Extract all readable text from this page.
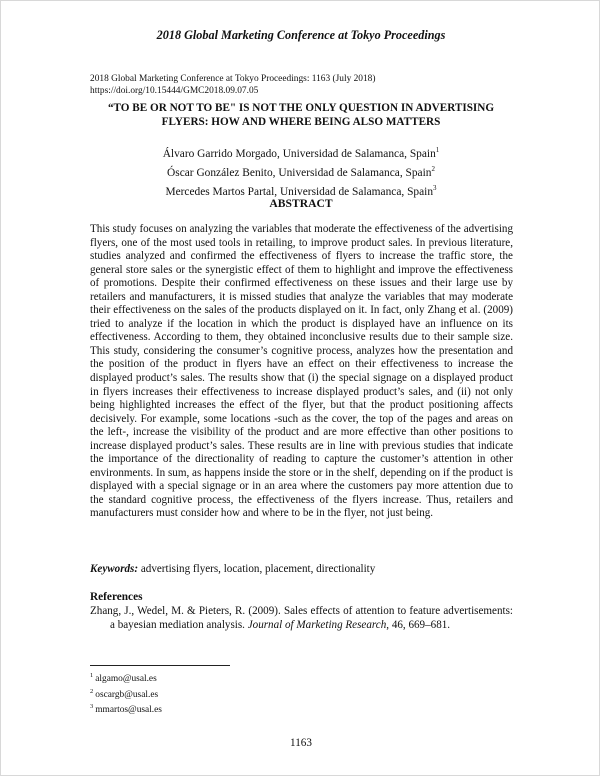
2018 Global Marketing Conference at Tokyo Proceedings
2018 Global Marketing Conference at Tokyo Proceedings: 1163 (July 2018)
https://doi.org/10.15444/GMC2018.09.07.05
“TO BE OR NOT TO BE" IS NOT THE ONLY QUESTION IN ADVERTISING
FLYERS: HOW AND WHERE BEING ALSO MATTERS
Álvaro Garrido Morgado, Universidad de Salamanca, Spain$^1$
Óscar González Benito, Universidad de Salamanca, Spain$^2$
Mercedes Martos Partal, Universidad de Salamanca, Spain$^3$
ABSTRACT

This study focuses on analyzing the variables that moderate the effectiveness of the advertising flyers, one of the most used tools in retailing, to improve product sales. In previous literature, studies analyzed and confirmed the effectiveness of flyers to increase the traffic store, the general store sales or the synergistic effect of them to highlight and improve the effectiveness of promotions. Despite their confirmed effectiveness on these issues and their large use by retailers and manufacturers, it is missed studies that analyze the variables that may moderate their effectiveness on the sales of the products displayed on it. In fact, only Zhang et al. (2009) tried to analyze if the location in which the product is displayed have an influence on its effectiveness. According to them, they obtained inconclusive results due to their sample size. This study, considering the consumer’s cognitive process, analyzes how the presentation and the position of the product in flyers have an effect on their effectiveness to increase the displayed product’s sales. The results show that (i) the special signage on a displayed product in flyers increases their effectiveness to increase displayed product’s sales, and (ii) not only being highlighted increases the effect of the flyer, but that the product positioning affects decisively. For example, some locations -such as the cover, the top of the pages and areas on the left-, increase the visibility of the product and are more effective than other positions to increase displayed product’s sales. These results are in line with previous studies that indicate the importance of the directionality of reading to capture the customer’s attention in other environments. In sum, as happens inside the store or in the shelf, depending on if the product is displayed with a special signage or in an area where the customers pay more attention due to the standard cognitive process, the effectiveness of the flyers increase. Thus, retailers and manufacturers must consider how and where to be in the flyer, not just being.

Keywords: advertising flyers, location, placement, directionality
References
Zhang, J., Wedel, M. & Pieters, R. (2009). Sales effects of attention to feature advertisements: a bayesian mediation analysis. Journal of Marketing Research, 46, 669–681.
$^1$ algamo@usal.es
$^2$ oscargb@usal.es
$^3$ mmartos@usal.es
1163
